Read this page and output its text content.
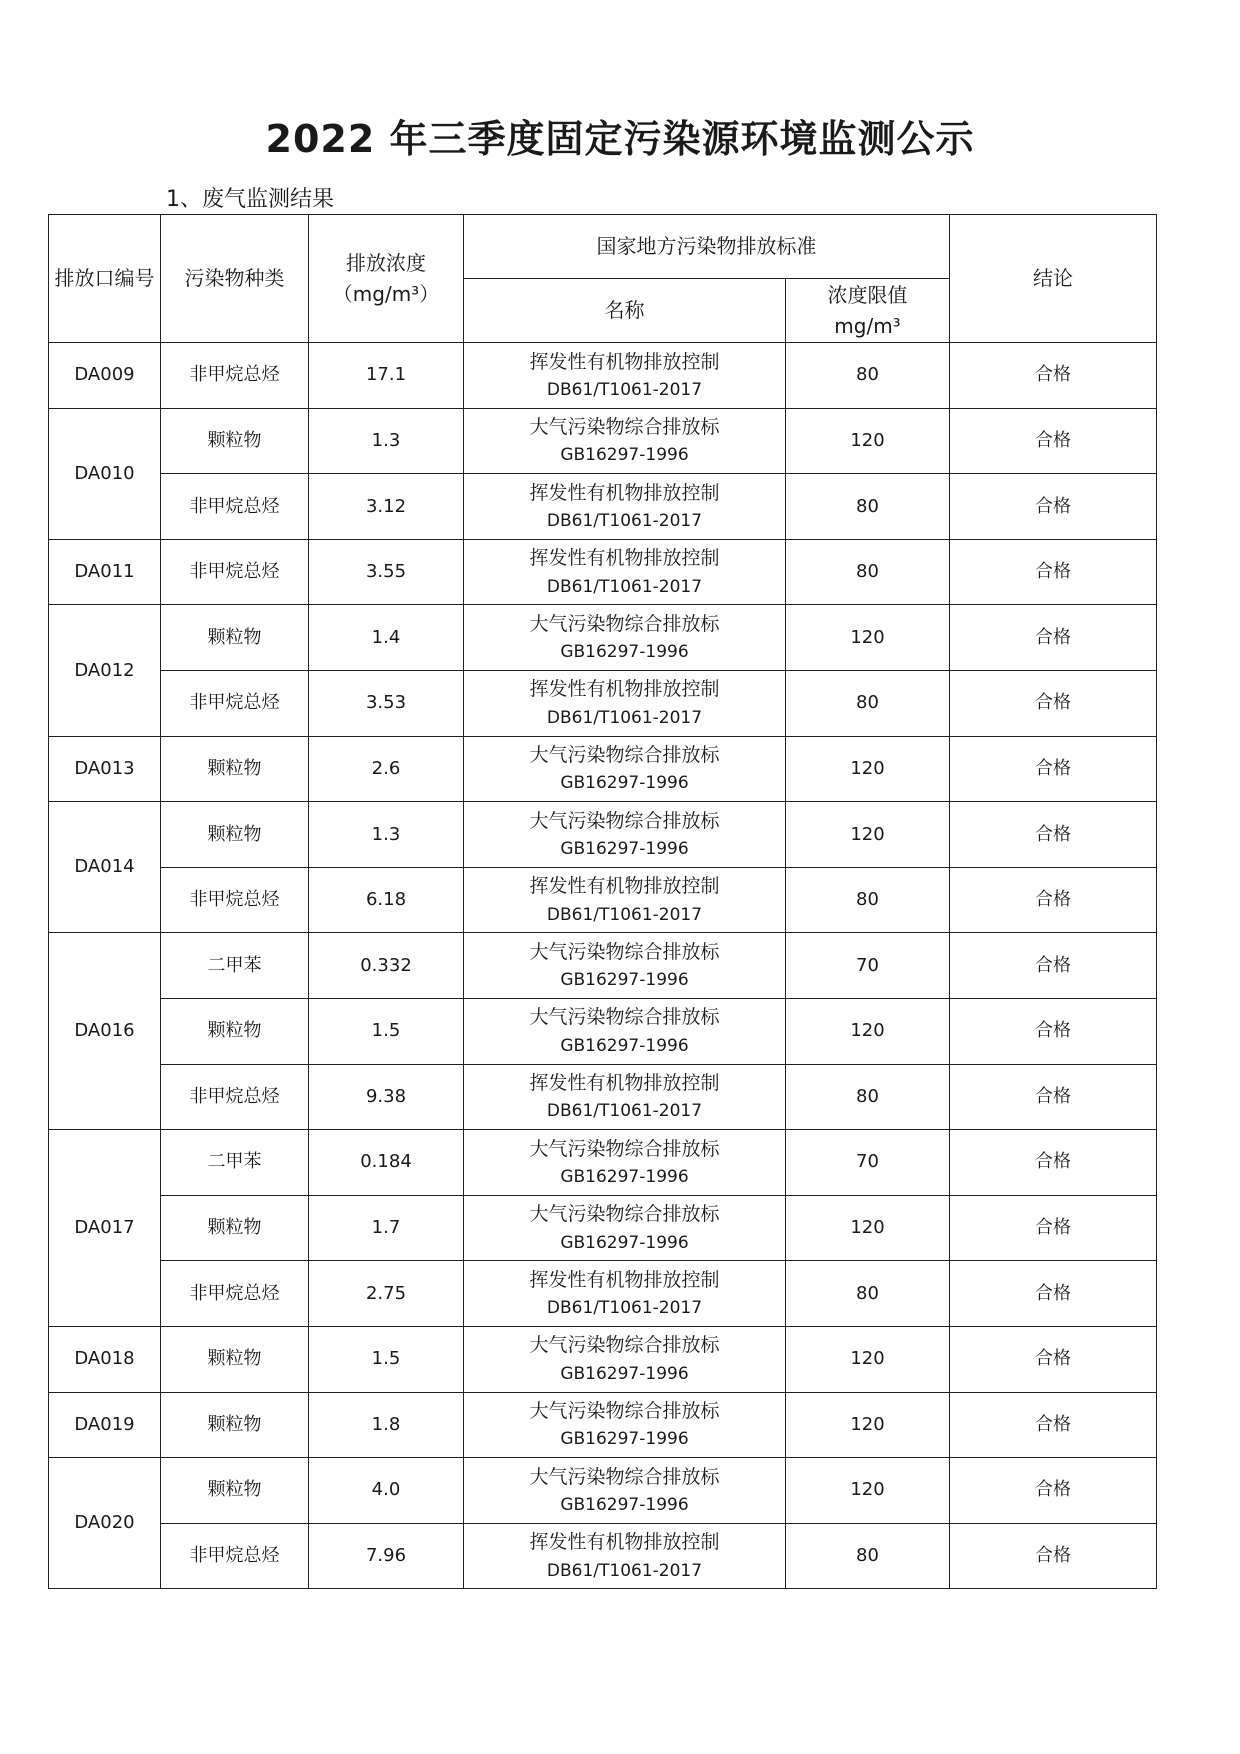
2022 年三季度固定污染源环境监测公示
1、废气监测结果
排放口编号	污染物种类	排放浓度
（mg/m³）	国家地方污染物排放标准		结论
			名称	浓度限值
mg/m³	

DA009	非甲烷总烃	17.1	挥发性有机物排放控制
DB61/T1061-2017	80	合格
DA010	颗粒物	1.3	大气污染物综合排放标
GB16297-1996	120	合格
	非甲烷总烃	3.12	挥发性有机物排放控制
DB61/T1061-2017	80	合格
DA011	非甲烷总烃	3.55	挥发性有机物排放控制
DB61/T1061-2017	80	合格
DA012	颗粒物	1.4	大气污染物综合排放标
GB16297-1996	120	合格
	非甲烷总烃	3.53	挥发性有机物排放控制
DB61/T1061-2017	80	合格
DA013	颗粒物	2.6	大气污染物综合排放标
GB16297-1996	120	合格
DA014	颗粒物	1.3	大气污染物综合排放标
GB16297-1996	120	合格
	非甲烷总烃	6.18	挥发性有机物排放控制
DB61/T1061-2017	80	合格
DA016	二甲苯	0.332	大气污染物综合排放标
GB16297-1996	70	合格
	颗粒物	1.5	大气污染物综合排放标
GB16297-1996	120	合格
	非甲烷总烃	9.38	挥发性有机物排放控制
DB61/T1061-2017	80	合格
DA017	二甲苯	0.184	大气污染物综合排放标
GB16297-1996	70	合格
	颗粒物	1.7	大气污染物综合排放标
GB16297-1996	120	合格
	非甲烷总烃	2.75	挥发性有机物排放控制
DB61/T1061-2017	80	合格
DA018	颗粒物	1.5	大气污染物综合排放标
GB16297-1996	120	合格
DA019	颗粒物	1.8	大气污染物综合排放标
GB16297-1996	120	合格
DA020	颗粒物	4.0	大气污染物综合排放标
GB16297-1996	120	合格
	非甲烷总烃	7.96	挥发性有机物排放控制
DB61/T1061-2017	80	合格
